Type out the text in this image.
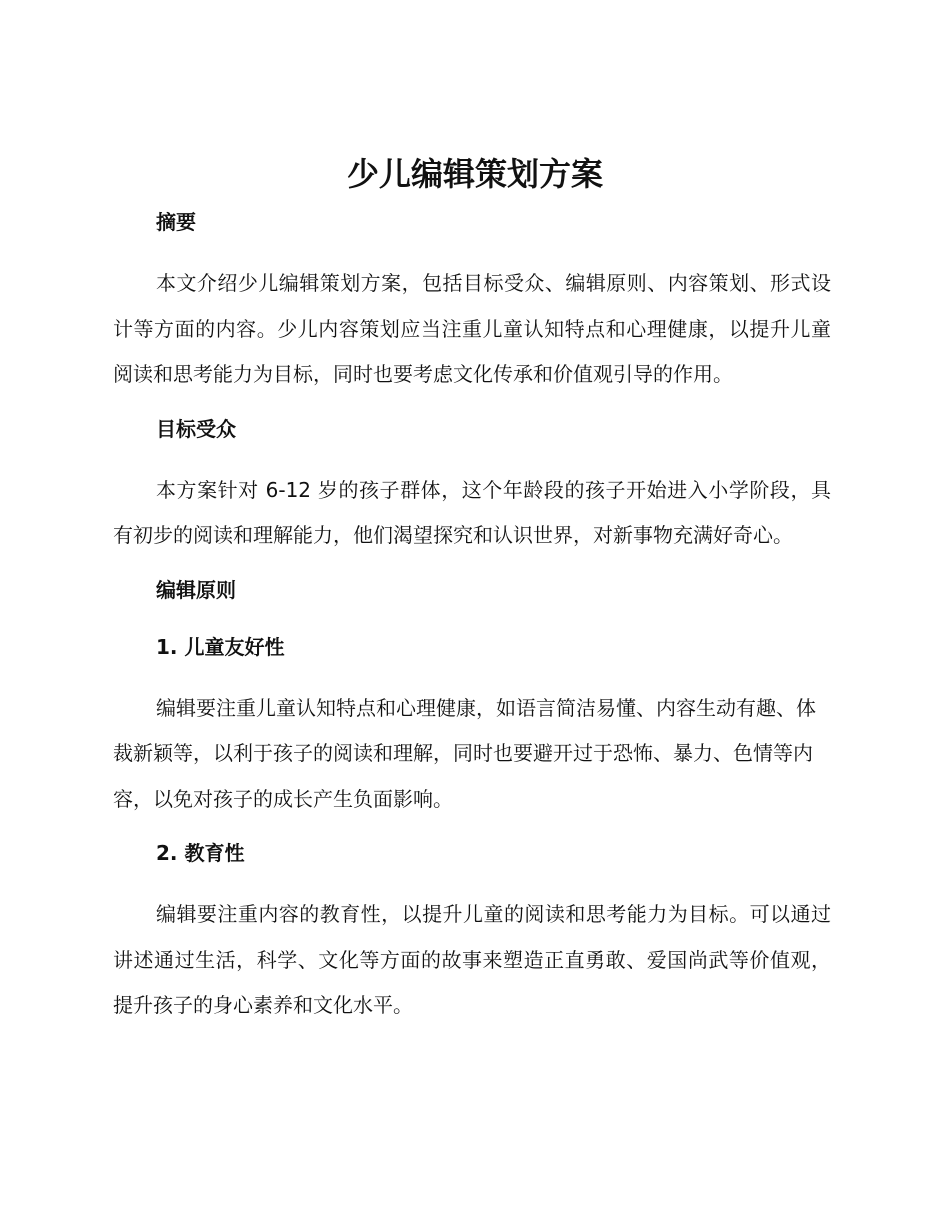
少儿编辑策划方案
摘要
本文介绍少儿编辑策划方案，包括目标受众、编辑原则、内容策划、形式设计等方面的内容。少儿内容策划应当注重儿童认知特点和心理健康，以提升儿童阅读和思考能力为目标，同时也要考虑文化传承和价值观引导的作用。
目标受众
本方案针对 6-12 岁的孩子群体，这个年龄段的孩子开始进入小学阶段，具有初步的阅读和理解能力，他们渴望探究和认识世界，对新事物充满好奇心。
编辑原则
1. 儿童友好性
编辑要注重儿童认知特点和心理健康，如语言简洁易懂、内容生动有趣、体裁新颖等，以利于孩子的阅读和理解，同时也要避开过于恐怖、暴力、色情等内容，以免对孩子的成长产生负面影响。
2. 教育性
编辑要注重内容的教育性，以提升儿童的阅读和思考能力为目标。可以通过讲述通过生活，科学、文化等方面的故事来塑造正直勇敢、爱国尚武等价值观，提升孩子的身心素养和文化水平。
